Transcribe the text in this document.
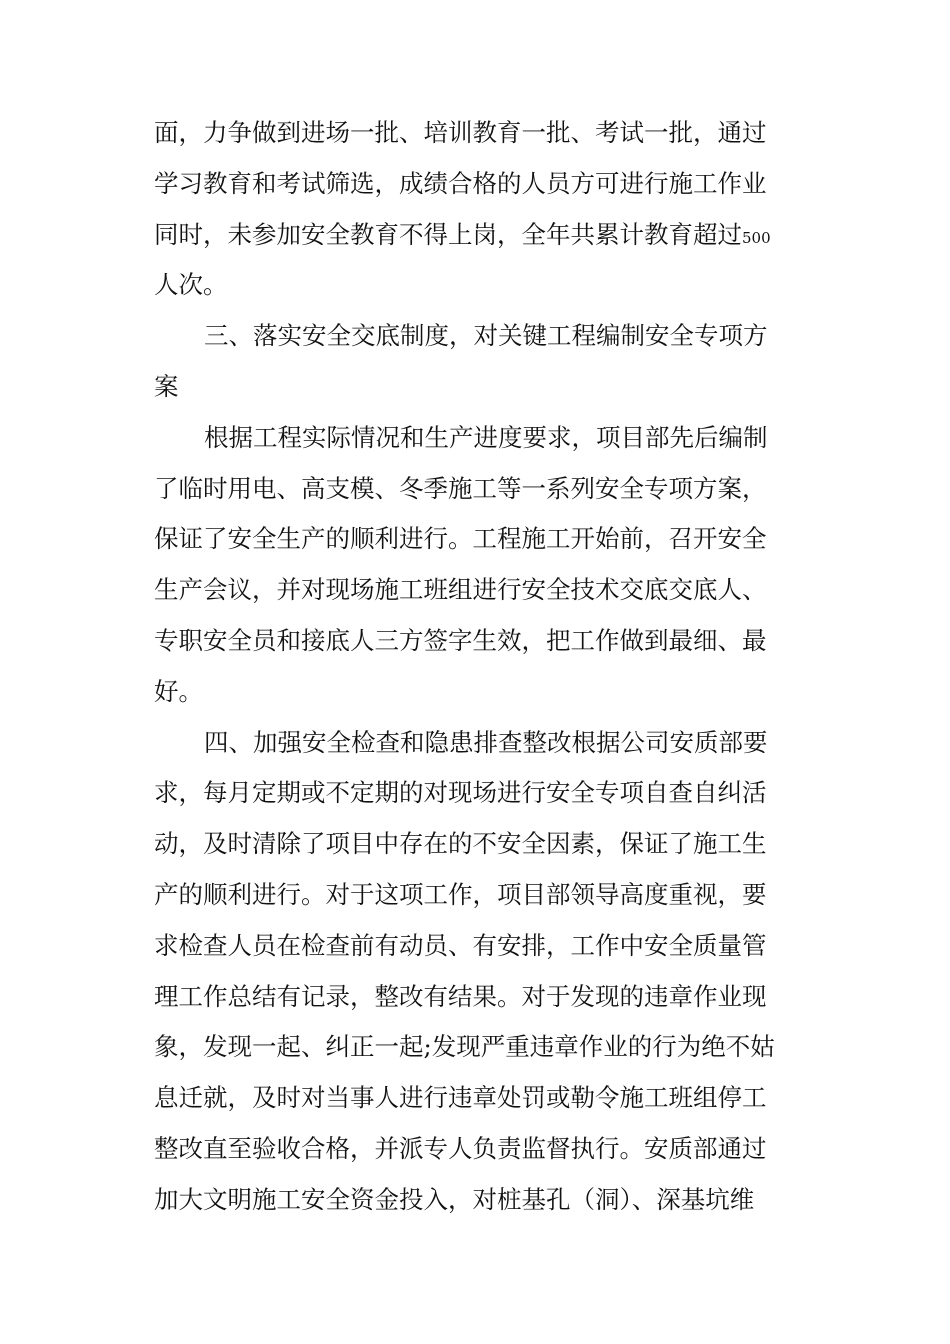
面，力争做到进场一批、培训教育一批、考试一批，通过
学习教育和考试筛选，成绩合格的人员方可进行施工作业
同时，未参加安全教育不得上岗，全年共累计教育超过500
人次。
三、落实安全交底制度，对关键工程编制安全专项方
案
根据工程实际情况和生产进度要求，项目部先后编制
了临时用电、高支模、冬季施工等一系列安全专项方案，
保证了安全生产的顺利进行。工程施工开始前，召开安全
生产会议，并对现场施工班组进行安全技术交底交底人、
专职安全员和接底人三方签字生效，把工作做到最细、最
好。
四、加强安全检查和隐患排查整改根据公司安质部要
求，每月定期或不定期的对现场进行安全专项自查自纠活
动，及时清除了项目中存在的不安全因素，保证了施工生
产的顺利进行。对于这项工作，项目部领导高度重视，要
求检查人员在检查前有动员、有安排，工作中安全质量管
理工作总结有记录，整改有结果。对于发现的违章作业现
象，发现一起、纠正一起;发现严重违章作业的行为绝不姑
息迁就，及时对当事人进行违章处罚或勒令施工班组停工
整改直至验收合格，并派专人负责监督执行。安质部通过
加大文明施工安全资金投入，对桩基孔（洞）、深基坑维
